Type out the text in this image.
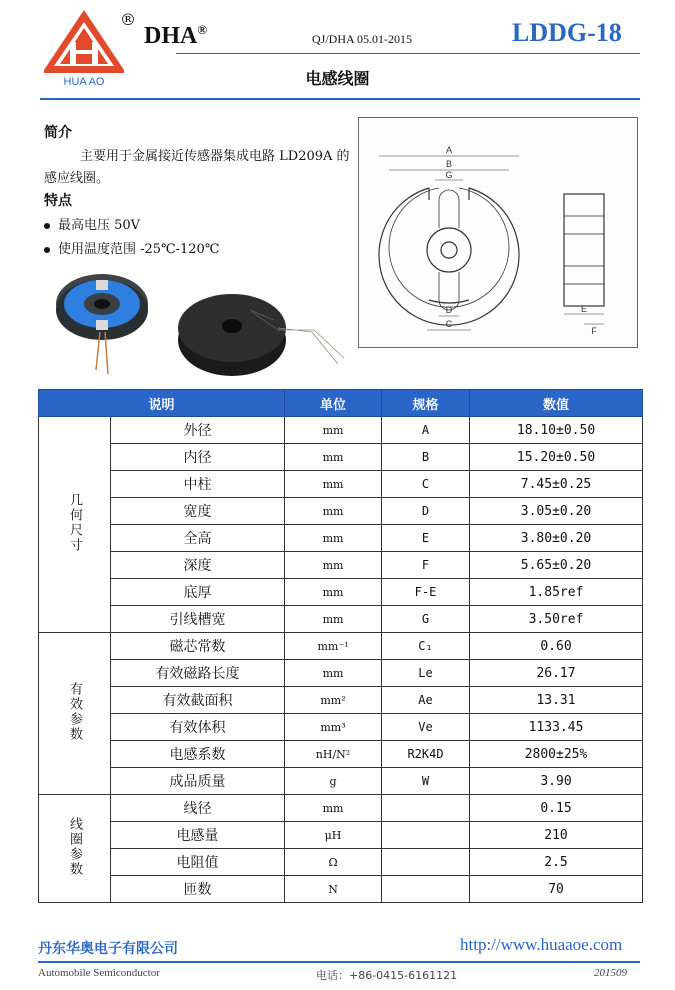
HUA AO
®
DHA®
QJ/DHA 05.01-2015	LDDG-18
电感线圈
简介
主要用于金属接近传感器集成电路 LD209A 的感应线圈。
特点
最高电压 50V
使用温度范围 -25℃-120℃
A
B
G
D
C
E
F
说明		单位	规格	数值
几何尺寸	外径	mm	A	18.10±0.50
	内径	mm	B	15.20±0.50
	中柱	mm	C	7.45±0.25
	宽度	mm	D	3.05±0.20
	全高	mm	E	3.80±0.20
	深度	mm	F	5.65±0.20
	底厚	mm	F-E	1.85ref
	引线槽宽	mm	G	3.50ref
有效参数	磁芯常数	mm⁻¹	C₁	0.60
	有效磁路长度	mm	Le	26.17
	有效截面积	mm²	Ae	13.31
	有效体积	mm³	Ve	1133.45
	电感系数	nH/N²	R2K4D	2800±25%
	成品质量	g	W	3.90
线圈参数	线径	mm		0.15
	电感量	μH		210
	电阻值	Ω		2.5
	匝数	N		70
丹东华奥电子有限公司	http://www.huaaoe.com
Automobile Semiconductor	电话：+86-0415-6161121	201509
